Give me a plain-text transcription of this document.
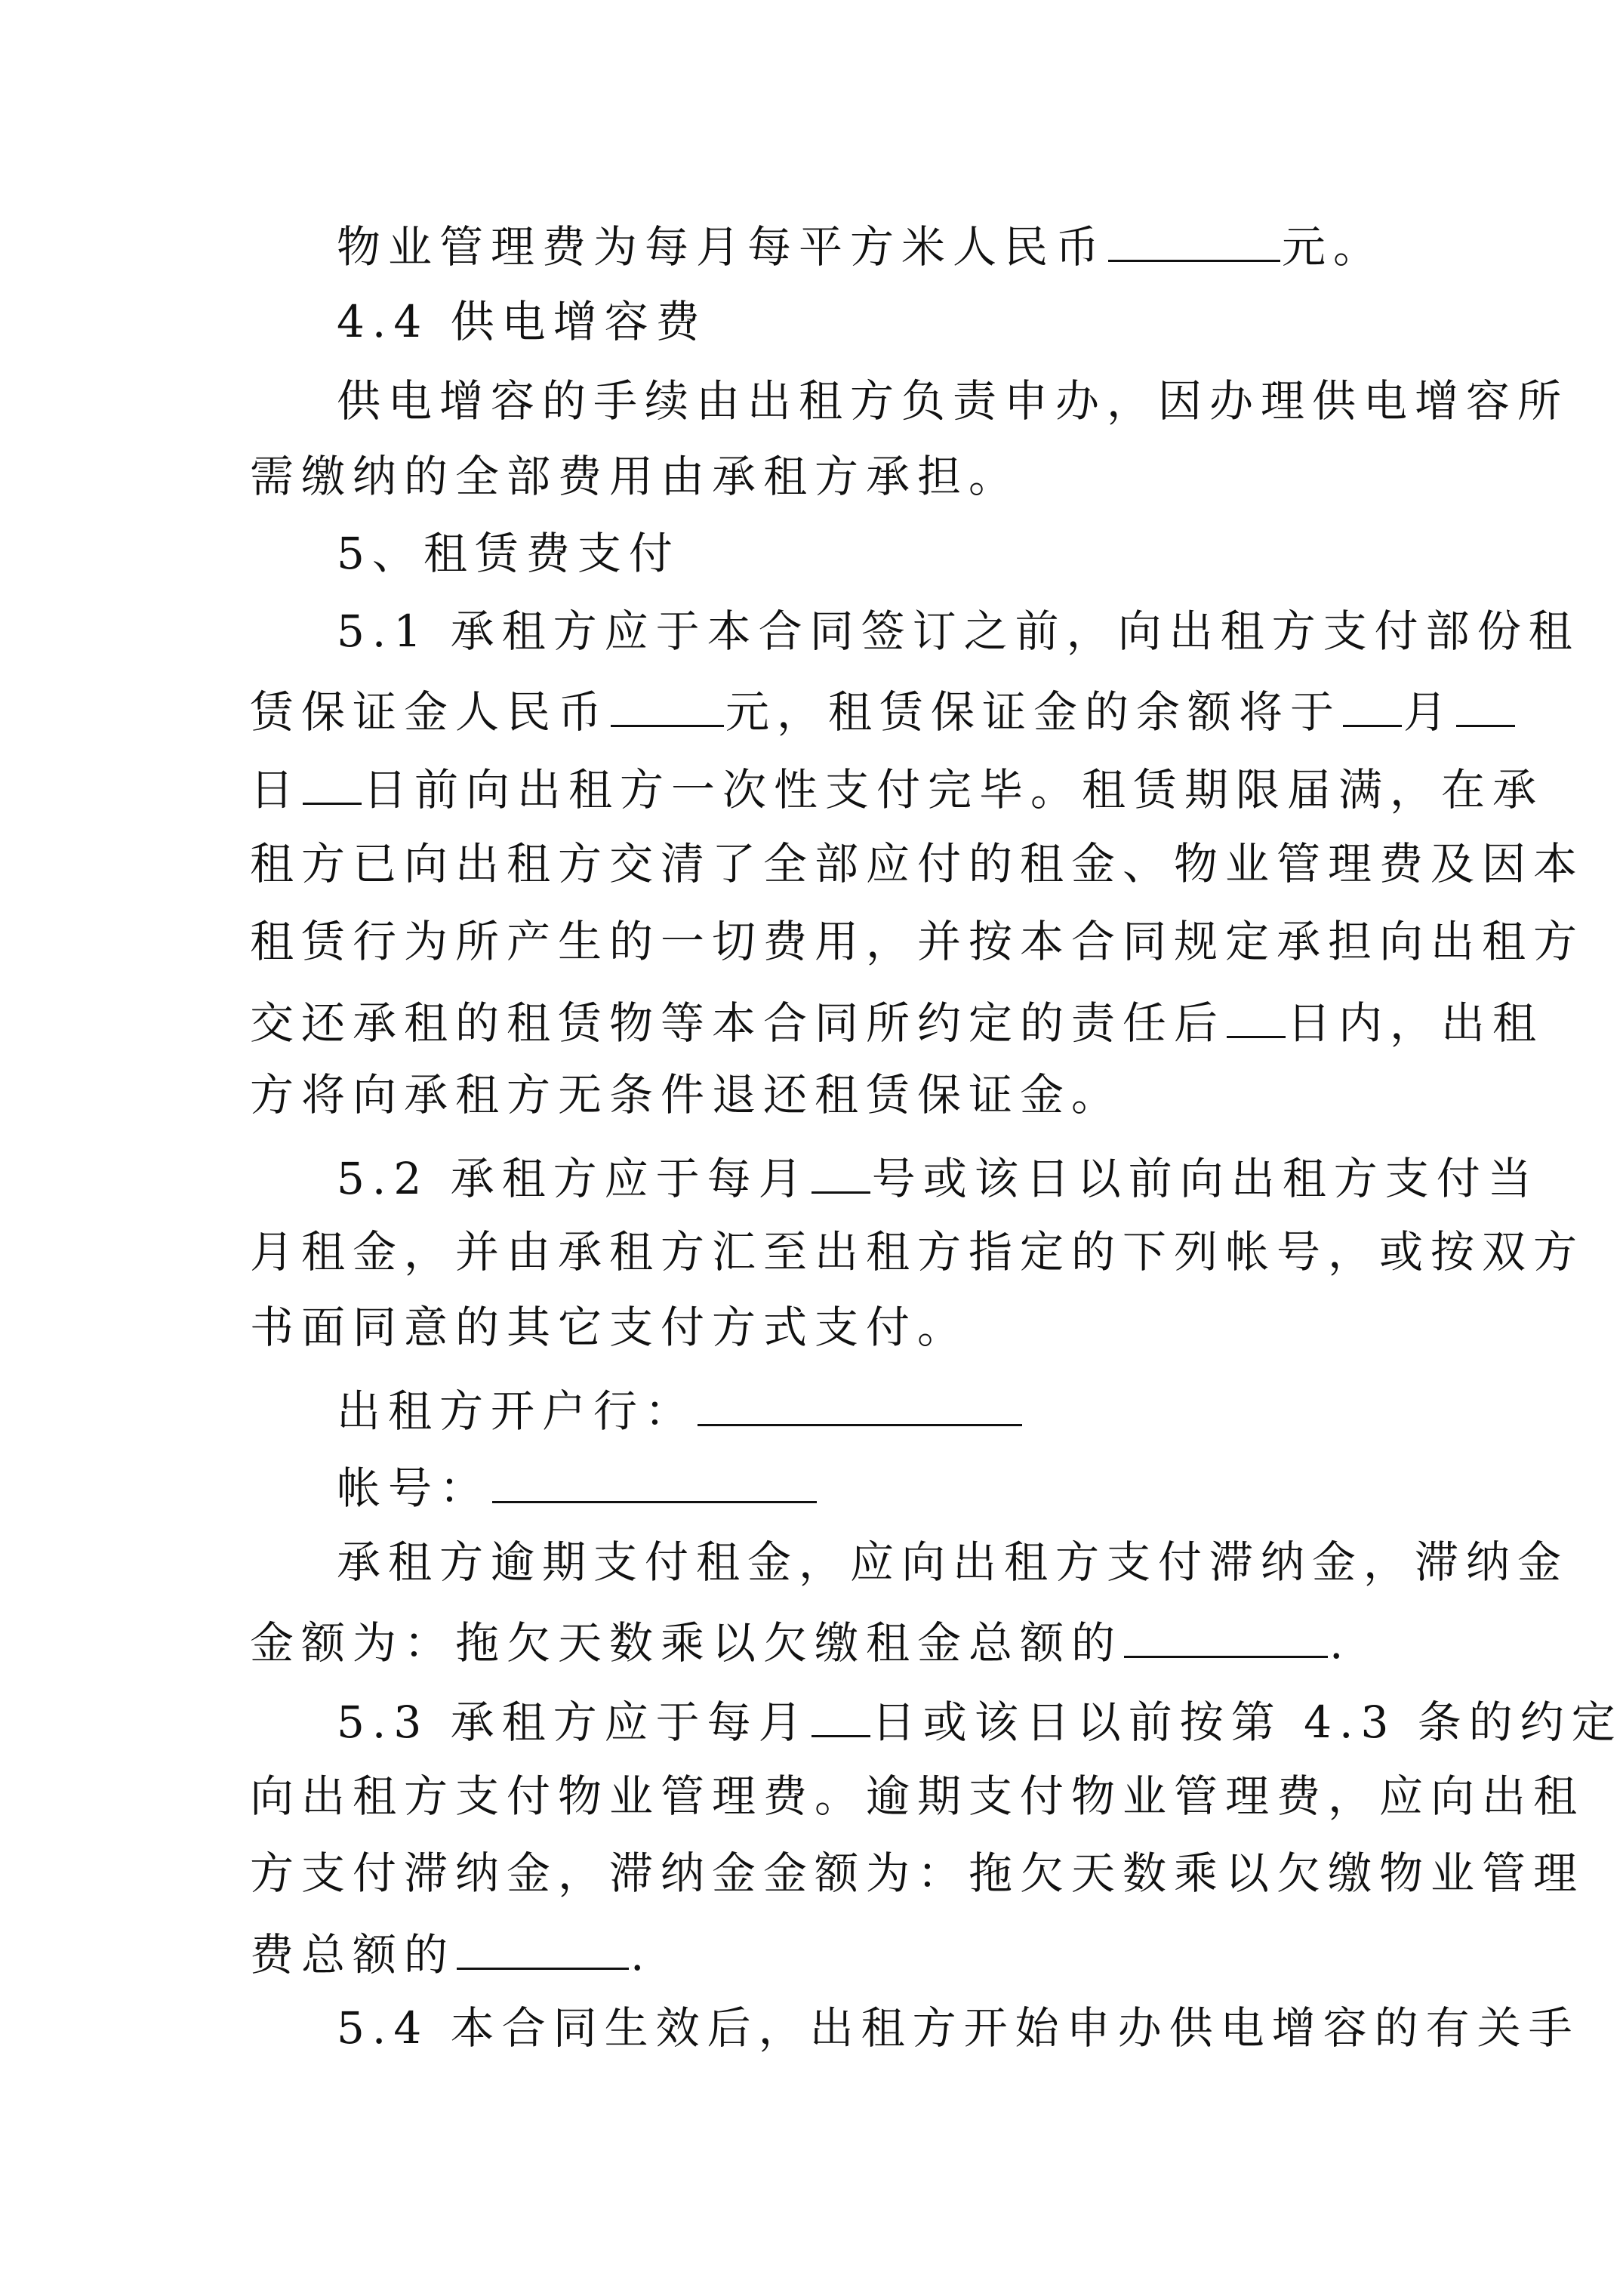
物业管理费为每月每平方米人民币	元。
4.4 供电增容费
供电增容的手续由出租方负责申办，因办理供电增容所
需缴纳的全部费用由承租方承担。
5、租赁费支付
5.1 承租方应于本合同签订之前，向出租方支付部份租
赁保证金人民币	元，租赁保证金的余额将于 月
日 日前向出租方一次性支付完毕。租赁期限届满，在承
租方已向出租方交清了全部应付的租金、物业管理费及因本
租赁行为所产生的一切费用，并按本合同规定承担向出租方
交还承租的租赁物等本合同所约定的责任后 日内，出租
方将向承租方无条件退还租赁保证金。
5.2 承租方应于每月 号或该日以前向出租方支付当
月租金，并由承租方汇至出租方指定的下列帐号，或按双方
书面同意的其它支付方式支付。
出租方开户行：
帐号：
承租方逾期支付租金，应向出租方支付滞纳金，滞纳金
金额为：拖欠天数乘以欠缴租金总额的	.
5.3 承租方应于每月 日或该日以前按第 4.3 条的约定
向出租方支付物业管理费。逾期支付物业管理费，应向出租
方支付滞纳金，滞纳金金额为：拖欠天数乘以欠缴物业管理
费总额的	.
5.4 本合同生效后，出租方开始申办供电增容的有关手
